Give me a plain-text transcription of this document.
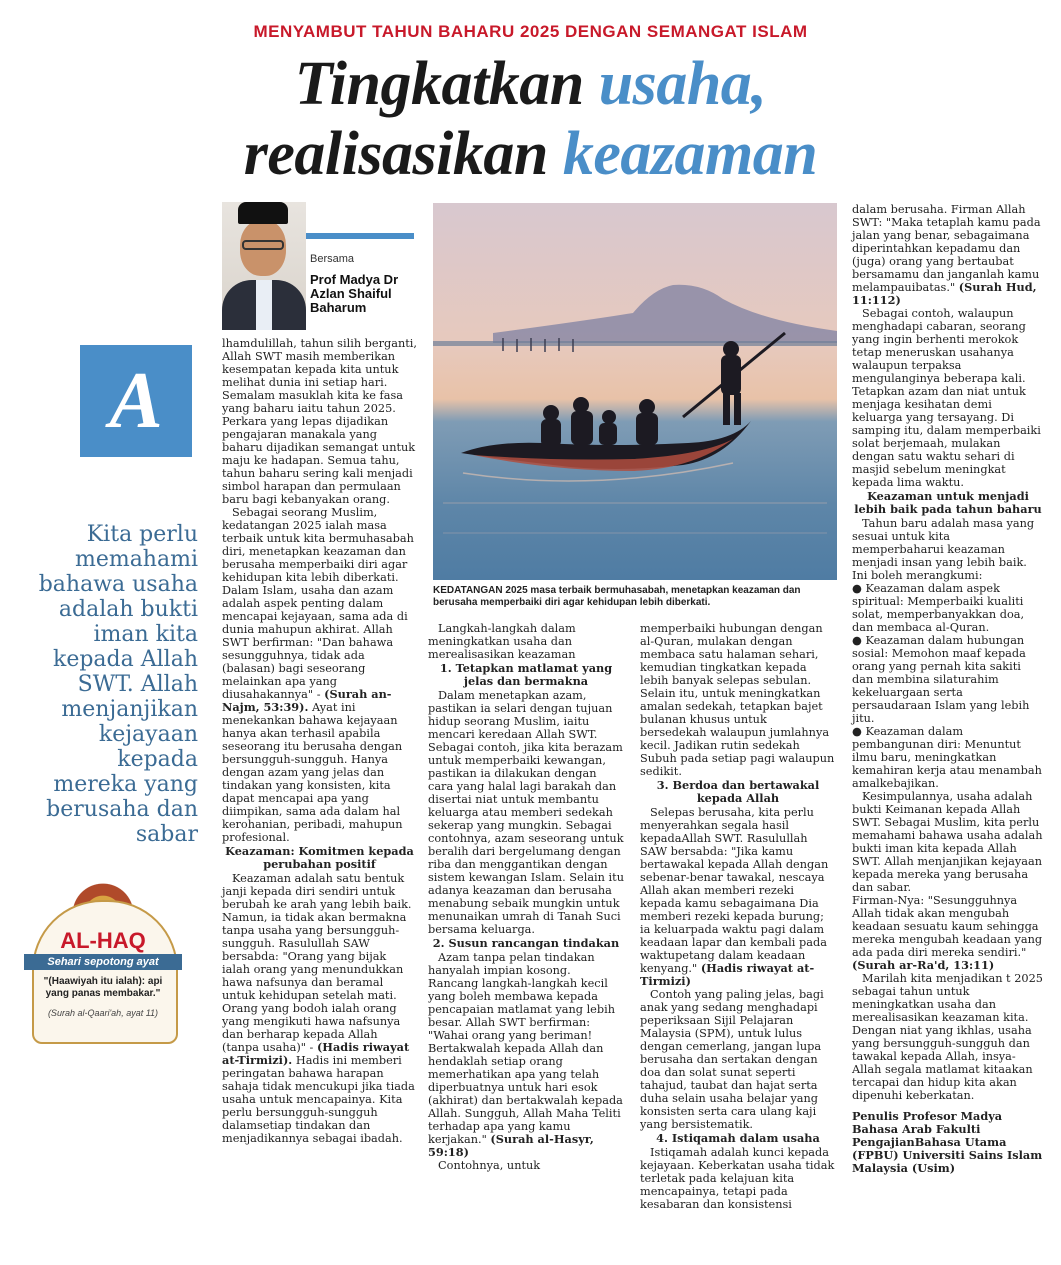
MENYAMBUT TAHUN BAHARU 2025 DENGAN SEMANGAT ISLAM
Tingkatkan usaha,
realisasikan keazaman
Bersama
Prof Madya Dr Azlan Shaiful Baharum
A
Kita perlu memahami bahawa usaha adalah bukti iman kita kepada Allah SWT. Allah menjanjikan kejayaan kepada mereka yang berusaha dan sabar
AL-HAQ
Sehari sepotong ayat
"(Haawiyah itu ialah): api yang panas membakar."
(Surah al-Qaari'ah, ayat 11)
KEDATANGAN 2025 masa terbaik bermuhasabah, menetapkan keazaman dan berusaha memperbaiki diri agar kehidupan lebih diberkati.

lhamdulillah, tahun silih berganti, Allah SWT masih memberikan kesempatan kepada kita untuk melihat dunia ini setiap hari. Semalam masuklah kita ke fasa yang baharu iaitu tahun 2025. Perkara yang lepas dijadikan pengajaran manakala yang baharu dijadikan semangat untuk maju ke hadapan. Semua tahu, tahun baharu sering kali menjadi simbol harapan dan permulaan baru bagi kebanyakan orang.

Sebagai seorang Muslim, kedatangan 2025 ialah masa terbaik untuk kita bermuhasabah diri, menetapkan keazaman dan berusaha memperbaiki diri agar kehidupan kita lebih diberkati. Dalam Islam, usaha dan azam adalah aspek penting dalam mencapai kejayaan, sama ada di dunia mahupun akhirat. Allah SWT berfirman: "Dan bahawa sesungguhnya, tidak ada (balasan) bagi seseorang melainkan apa yang diusahakannya" - (Surah an-Najm, 53:39). Ayat ini menekankan bahawa kejayaan hanya akan terhasil apabila seseorang itu berusaha dengan bersungguh-sungguh. Hanya dengan azam yang jelas dan tindakan yang konsisten, kita dapat mencapai apa yang diimpikan, sama ada dalam hal kerohanian, peribadi, mahupun profesional.

Keazaman: Komitmen kepada perubahan positif

Keazaman adalah satu bentuk janji kepada diri sendiri untuk berubah ke arah yang lebih baik. Namun, ia tidak akan bermakna tanpa usaha yang bersungguh-sungguh. Rasulullah SAW bersabda: "Orang yang bijak ialah orang yang menundukkan hawa nafsunya dan beramal untuk kehidupan setelah mati. Orang yang bodoh ialah orang yang mengikuti hawa nafsunya dan berharap kepada Allah (tanpa usaha)" - (Hadis riwayat at-Tirmizi). Hadis ini memberi peringatan bahawa harapan sahaja tidak mencukupi jika tiada usaha untuk mencapainya. Kita perlu bersungguh-sungguh dalamsetiap tindakan dan menjadikannya sebagai ibadah.

Langkah-langkah dalam meningkatkan usaha dan merealisasikan keazaman

1. Tetapkan matlamat yang jelas dan bermakna

Dalam menetapkan azam, pastikan ia selari dengan tujuan hidup seorang Muslim, iaitu mencari keredaan Allah SWT. Sebagai contoh, jika kita berazam untuk memperbaiki kewangan, pastikan ia dilakukan dengan cara yang halal lagi barakah dan disertai niat untuk membantu keluarga atau memberi sedekah sekerap yang mungkin. Sebagai contohnya, azam seseorang untuk beralih dari bergelumang dengan riba dan menggantikan dengan sistem kewangan Islam. Selain itu adanya keazaman dan berusaha menabung sebaik mungkin untuk menunaikan umrah di Tanah Suci bersama keluarga.

2. Susun rancangan tindakan

Azam tanpa pelan tindakan hanyalah impian kosong. Rancang langkah-langkah kecil yang boleh membawa kepada pencapaian matlamat yang lebih besar. Allah SWT berfirman: "Wahai orang yang beriman! Bertakwalah kepada Allah dan hendaklah setiap orang memerhatikan apa yang telah diperbuatnya untuk hari esok (akhirat) dan bertakwalah kepada Allah. Sungguh, Allah Maha Teliti terhadap apa yang kamu kerjakan." (Surah al-Hasyr, 59:18)

Contohnya, untuk

memperbaiki hubungan dengan al-Quran, mulakan dengan membaca satu halaman sehari, kemudian tingkatkan kepada lebih banyak selepas sebulan. Selain itu, untuk meningkatkan amalan sedekah, tetapkan bajet bulanan khusus untuk bersedekah walaupun jumlahnya kecil. Jadikan rutin sedekah Subuh pada setiap pagi walaupun sedikit.

3. Berdoa dan bertawakal kepada Allah

Selepas berusaha, kita perlu menyerahkan segala hasil kepadaAllah SWT. Rasulullah SAW bersabda: "Jika kamu bertawakal kepada Allah dengan sebenar-benar tawakal, nescaya Allah akan memberi rezeki kepada kamu sebagaimana Dia memberi rezeki kepada burung; ia keluarpada waktu pagi dalam keadaan lapar dan kembali pada waktupetang dalam keadaan kenyang." (Hadis riwayat at-Tirmizi)

Contoh yang paling jelas, bagi anak yang sedang menghadapi peperiksaan Sijil Pelajaran Malaysia (SPM), untuk lulus dengan cemerlang, jangan lupa berusaha dan sertakan dengan doa dan solat sunat seperti tahajud, taubat dan hajat serta duha selain usaha belajar yang konsisten serta cara ulang kaji yang bersistematik.

4. Istiqamah dalam usaha

Istiqamah adalah kunci kepada kejayaan. Keberkatan usaha tidak terletak pada kelajuan kita mencapainya, tetapi pada kesabaran dan konsistensi

dalam berusaha. Firman Allah SWT: "Maka tetaplah kamu pada jalan yang benar, sebagaimana diperintahkan kepadamu dan (juga) orang yang bertaubat bersamamu dan janganlah kamu melampauibatas." (Surah Hud, 11:112)

Sebagai contoh, walaupun menghadapi cabaran, seorang yang ingin berhenti merokok tetap meneruskan usahanya walaupun terpaksa mengulanginya beberapa kali. Tetapkan azam dan niat untuk menjaga kesihatan demi keluarga yang tersayang. Di samping itu, dalam memperbaiki solat berjemaah, mulakan dengan satu waktu sehari di masjid sebelum meningkat kepada lima waktu.

Keazaman untuk menjadi lebih baik pada tahun baharu

Tahun baru adalah masa yang sesuai untuk kita memperbaharui keazaman menjadi insan yang lebih baik. Ini boleh merangkumi:

● Keazaman dalam aspek spiritual: Memperbaiki kualiti solat, memperbanyakkan doa, dan membaca al-Quran.

● Keazaman dalam hubungan sosial: Memohon maaf kepada orang yang pernah kita sakiti dan membina silaturahim kekeluargaan serta persaudaraan Islam yang lebih jitu.

● Keazaman dalam pembangunan diri: Menuntut ilmu baru, meningkatkan kemahiran kerja atau menambah amalkebajikan.

Kesimpulannya, usaha adalah bukti Keimanan kepada Allah SWT. Sebagai Muslim, kita perlu memahami bahawa usaha adalah bukti iman kita kepada Allah SWT. Allah menjanjikan kejayaan kepada mereka yang berusaha dan sabar.

Firman-Nya: "Sesungguhnya Allah tidak akan mengubah keadaan sesuatu kaum sehingga mereka mengubah keadaan yang ada pada diri mereka sendiri." (Surah ar-Ra'd, 13:11)

Marilah kita menjadikan t 2025 sebagai tahun untuk meningkatkan usaha dan merealisasikan keazaman kita. Dengan niat yang ikhlas, usaha yang bersungguh-sungguh dan tawakal kepada Allah, insya-Allah segala matlamat kitaakan tercapai dan hidup kita akan dipenuhi keberkatan.

Penulis Profesor Madya Bahasa Arab Fakulti PengajianBahasa Utama (FPBU) Universiti Sains Islam Malaysia (Usim)
